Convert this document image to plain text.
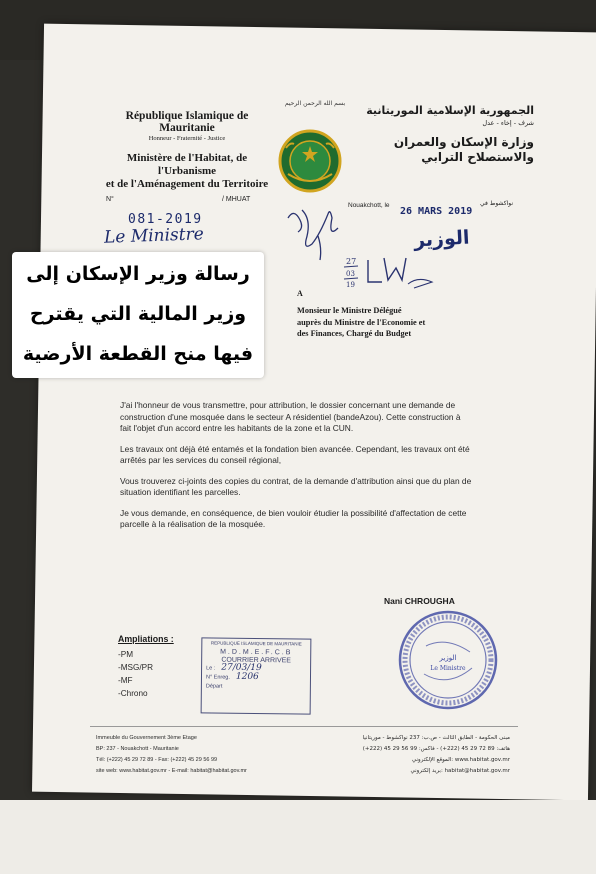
République Islamique de Mauritanie
Honneur - Fraternité - Justice
Ministère de l'Habitat, de l'Urbanisme
et de l'Aménagement du Territoire
بسم الله الرحمن الرحيم
الجمهورية الإسلامية الموريتانية
شرف - إخاء - عدل
وزارة الإسكان والعمران
والاستصلاح الترابي
N°	/ MHUAT
081-2019
Le Ministre
Nouakchott, le
26 MARS 2019
نواكشوط في
الوزير
27
03
19
رسالة وزير الإسكان إلى
وزير المالية التي يقترح
فيها منح القطعة الأرضية
A
Monsieur le Ministre Délégué
auprès du Ministre de l'Economie et
des Finances, Chargé du Budget

J'ai l'honneur de vous transmettre, pour attribution, le dossier concernant une demande de construction d'une mosquée dans le secteur A résidentiel (bandeAzou). Cette construction à fait l'objet d'un accord entre les habitants de la zone et la CUN.

Les travaux ont déjà été entamés et la fondation bien avancée. Cependant, les travaux ont été arrêtés par les services du conseil régional,

Vous trouverez ci-joints des copies du contrat, de la demande d'attribution ainsi que du plan de situation identifiant les parcelles.

Je vous demande, en conséquence, de bien vouloir étudier la possibilité d'affectation de cette parcelle à la réalisation de la mosquée.

Nani CHROUGHA
Ampliations :
-PM
-MSG/PR
-MF
-Chrono
REPUBLIQUE ISLAMIQUE DE MAURITANIE
M.D.M.E.F.C.B
COURRIER ARRIVEE
Le : 27/03/19
N° Enreg. 1206
Départ
الوزير
Le Ministre
Immeuble du Gouvernement 3ème Etage
BP: 237 - Nouakchott - Mauritanie
Tél: (+222) 45 29 72 89 - Fax: (+222) 45 29 56 99
site web: www.habitat.gov.mr - E-mail: habitat@habitat.gov.mr
مبنى الحكومة - الطابق الثالث - ص.ب: 237 نواكشوط - موريتانيا
هاتف: 89 72 29 45 (222+) - فاكس: 99 56 29 45 (222+)
الموقع الإلكتروني: www.habitat.gov.mr
بريد إلكتروني: habitat@habitat.gov.mr
